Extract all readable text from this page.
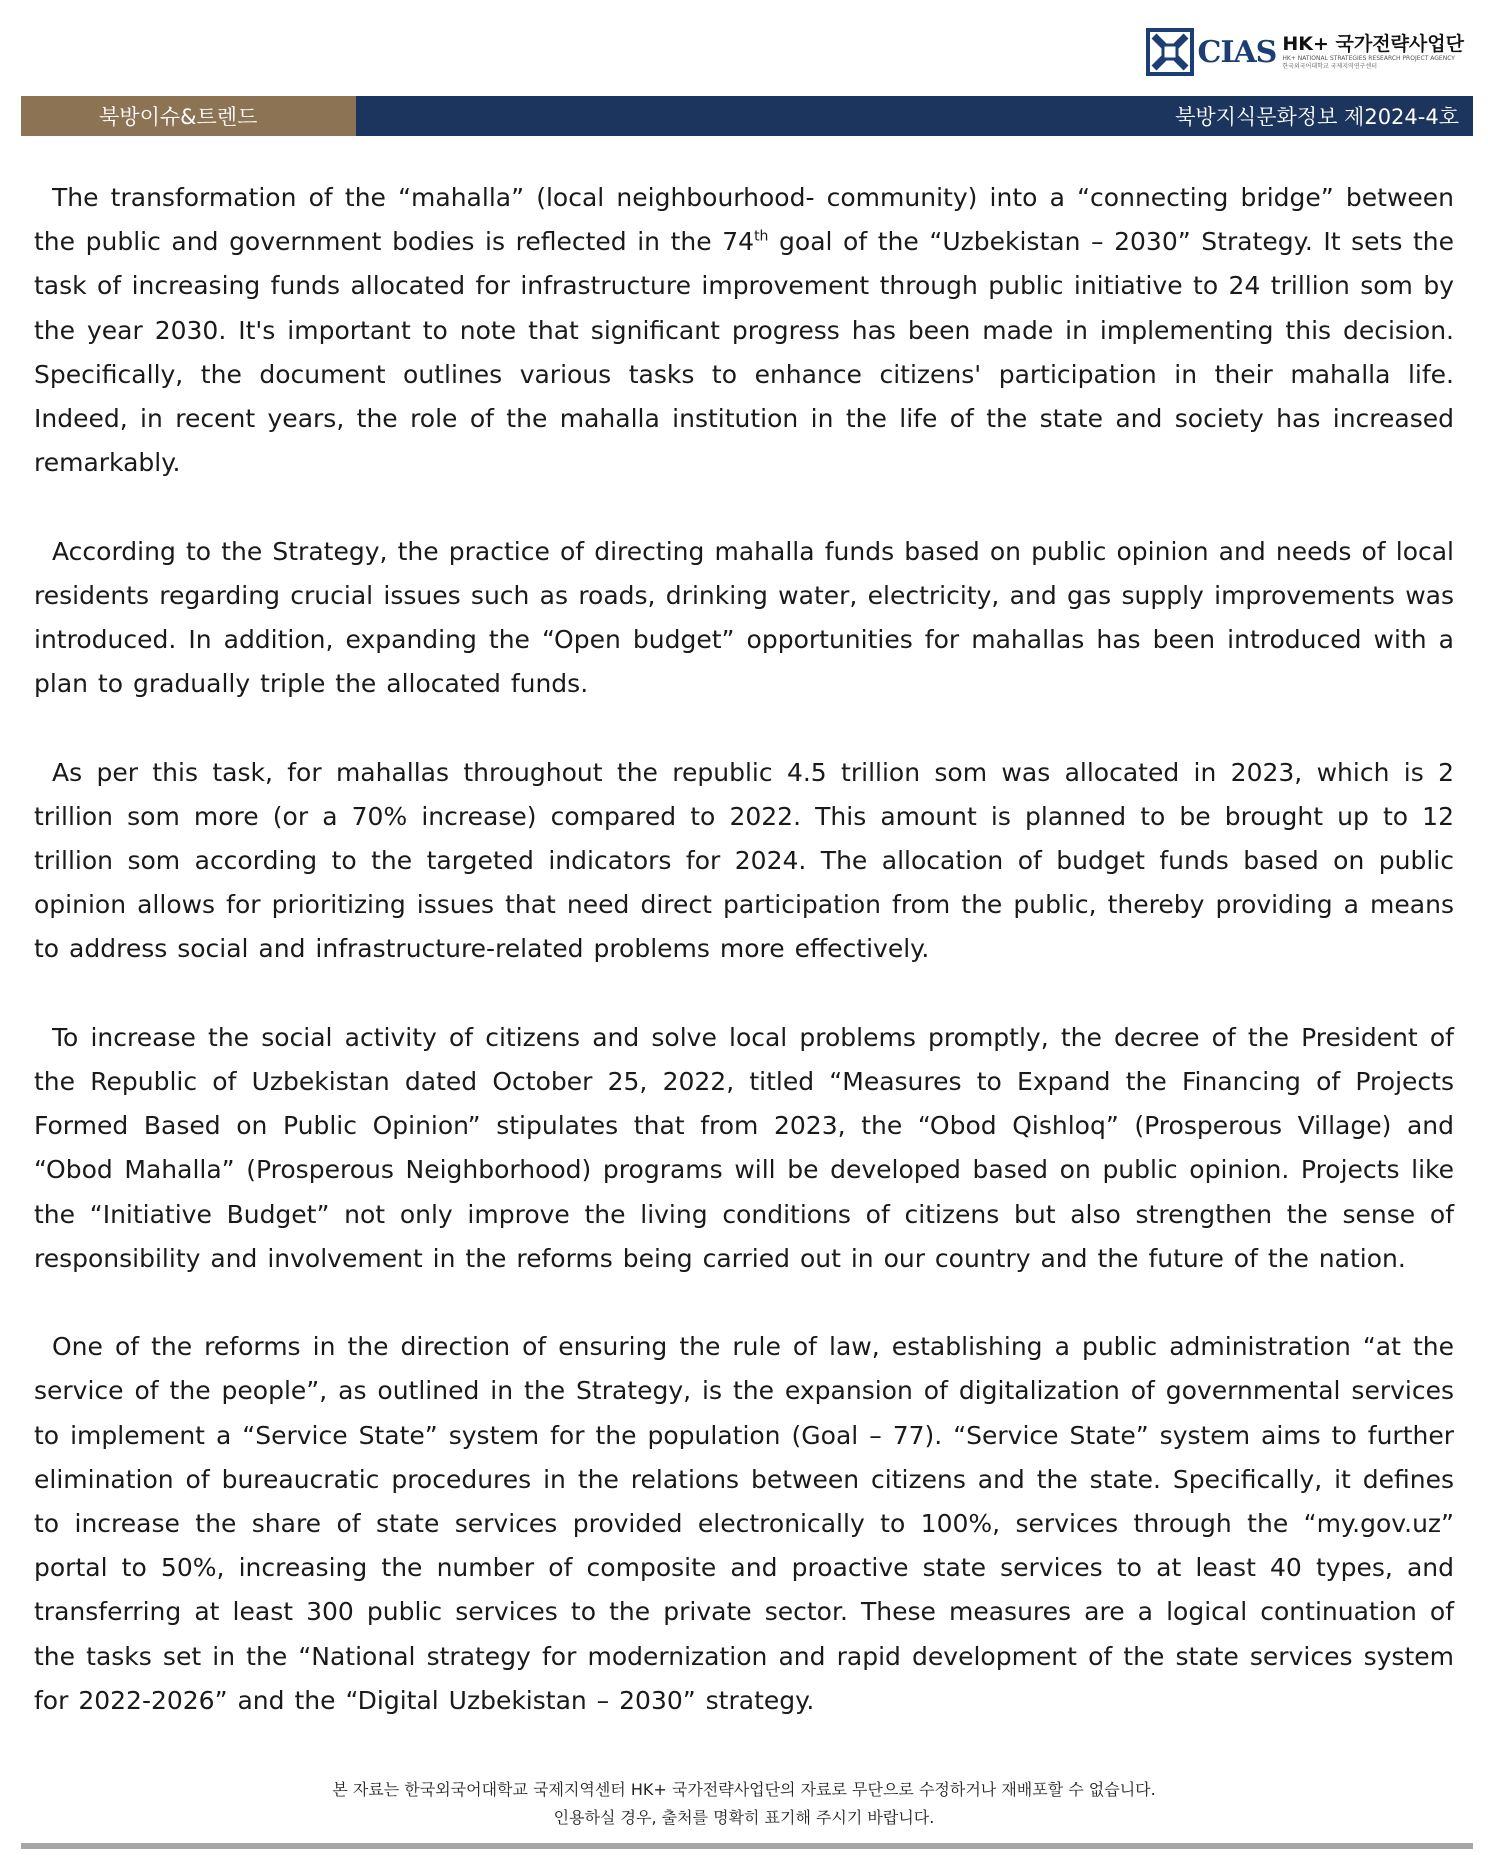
CIAS HK+ 국가전략사업단
HK+ NATIONAL STRATEGIES RESEARCH PROJECT AGENCY
한국외국어대학교 국제지역연구센터
북방이슈&트렌드	북방지식문화정보 제2024-4호

The transformation of the “mahalla” (local neighbourhood- community) into a “connecting bridge” between the public and government bodies is reflected in the 74th goal of the “Uzbekistan – 2030” Strategy. It sets the task of increasing funds allocated for infrastructure improvement through public initiative to 24 trillion som by the year 2030. It's important to note that significant progress has been made in implementing this decision. Specifically, the document outlines various tasks to enhance citizens' participation in their mahalla life. Indeed, in recent years, the role of the mahalla institution in the life of the state and society has increased remarkably.

According to the Strategy, the practice of directing mahalla funds based on public opinion and needs of local residents regarding crucial issues such as roads, drinking water, electricity, and gas supply improvements was introduced. In addition, expanding the “Open budget” opportunities for mahallas has been introduced with a plan to gradually triple the allocated funds.

As per this task, for mahallas throughout the republic 4.5 trillion som was allocated in 2023, which is 2 trillion som more (or a 70% increase) compared to 2022. This amount is planned to be brought up to 12 trillion som according to the targeted indicators for 2024. The allocation of budget funds based on public opinion allows for prioritizing issues that need direct participation from the public, thereby providing a means to address social and infrastructure-related problems more effectively.

To increase the social activity of citizens and solve local problems promptly, the decree of the President of the Republic of Uzbekistan dated October 25, 2022, titled “Measures to Expand the Financing of Projects Formed Based on Public Opinion” stipulates that from 2023, the “Obod Qishloq” (Prosperous Village) and “Obod Mahalla” (Prosperous Neighborhood) programs will be developed based on public opinion. Projects like the “Initiative Budget” not only improve the living conditions of citizens but also strengthen the sense of responsibility and involvement in the reforms being carried out in our country and the future of the nation.

One of the reforms in the direction of ensuring the rule of law, establishing a public administration “at the service of the people”, as outlined in the Strategy, is the expansion of digitalization of governmental services to implement a “Service State” system for the population (Goal – 77). “Service State” system aims to further elimination of bureaucratic procedures in the relations between citizens and the state. Specifically, it defines to increase the share of state services provided electronically to 100%, services through the “my.gov.uz” portal to 50%, increasing the number of composite and proactive state services to at least 40 types, and transferring at least 300 public services to the private sector. These measures are a logical continuation of the tasks set in the “National strategy for modernization and rapid development of the state services system for 2022-2026” and the “Digital Uzbekistan – 2030” strategy.

본 자료는 한국외국어대학교 국제지역센터 HK+ 국가전략사업단의 자료로 무단으로 수정하거나 재배포할 수 없습니다.
인용하실 경우, 출처를 명확히 표기해 주시기 바랍니다.
